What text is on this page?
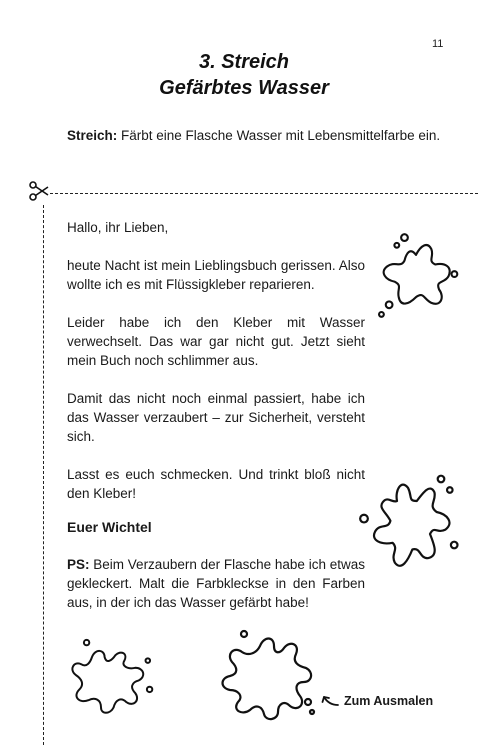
11
3. Streich
Gefärbtes Wasser
Streich: Färbt eine Flasche Wasser mit Lebensmittelfarbe ein.

Hallo, ihr Lieben,

heute Nacht ist mein Lieblingsbuch gerissen. Also wollte ich es mit Flüssigkleber reparieren.

Leider habe ich den Kleber mit Wasser verwechselt. Das war gar nicht gut. Jetzt sieht mein Buch noch schlimmer aus.

Damit das nicht noch einmal passiert, habe ich das Wasser verzaubert – zur Sicherheit, versteht sich.

Lasst es euch schmecken. Und trinkt bloß nicht den Kleber!

Euer Wichtel
PS: Beim Verzaubern der Flasche habe ich etwas gekleckert. Malt die Farbkleckse in den Farben aus, in der ich das Wasser gefärbt habe!
Zum Ausmalen
